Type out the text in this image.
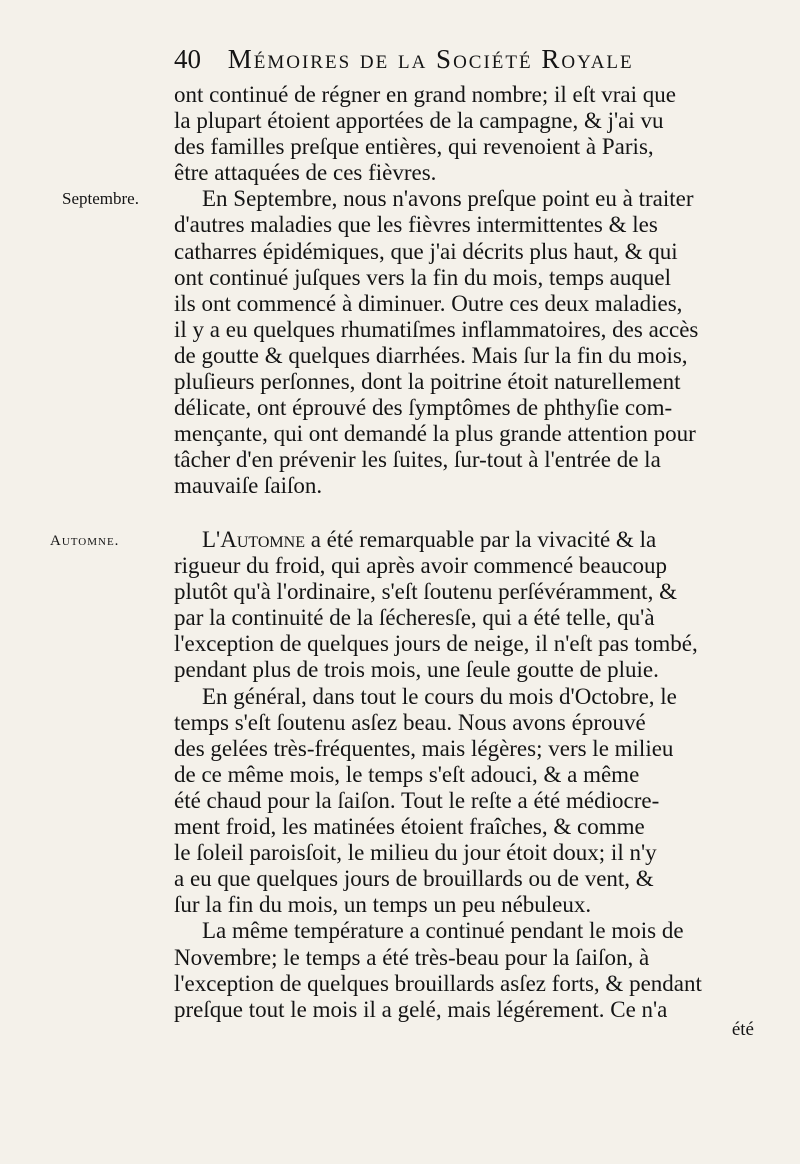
40 Mémoires de la Société Royale
Septembre.
Automne.
ont continué de régner en grand nombre; il eſt vrai que
la plupart étoient apportées de la campagne, & j'ai vu
des familles preſque entières, qui revenoient à Paris,
être attaquées de ces fièvres.
En Septembre, nous n'avons preſque point eu à traiter
d'autres maladies que les fièvres intermittentes & les
catharres épidémiques, que j'ai décrits plus haut, & qui
ont continué juſques vers la fin du mois, temps auquel
ils ont commencé à diminuer. Outre ces deux maladies,
il y a eu quelques rhumatiſmes inflammatoires, des accès
de goutte & quelques diarrhées. Mais ſur la fin du mois,
pluſieurs perſonnes, dont la poitrine étoit naturellement
délicate, ont éprouvé des ſymptômes de phthyſie com-
mençante, qui ont demandé la plus grande attention pour
tâcher d'en prévenir les ſuites, ſur-tout à l'entrée de la
mauvaiſe ſaiſon.
L'Automne a été remarquable par la vivacité & la
rigueur du froid, qui après avoir commencé beaucoup
plutôt qu'à l'ordinaire, s'eſt ſoutenu perſévéramment, &
par la continuité de la ſécheresſe, qui a été telle, qu'à
l'exception de quelques jours de neige, il n'eſt pas tombé,
pendant plus de trois mois, une ſeule goutte de pluie.
En général, dans tout le cours du mois d'Octobre, le
temps s'eſt ſoutenu asſez beau. Nous avons éprouvé
des gelées très-fréquentes, mais légères; vers le milieu
de ce même mois, le temps s'eſt adouci, & a même
été chaud pour la ſaiſon. Tout le reſte a été médiocre-
ment froid, les matinées étoient fraîches, & comme
le ſoleil paroisſoit, le milieu du jour étoit doux; il n'y
a eu que quelques jours de brouillards ou de vent, &
ſur la fin du mois, un temps un peu nébuleux.
La même température a continué pendant le mois de
Novembre; le temps a été très-beau pour la ſaiſon, à
l'exception de quelques brouillards asſez forts, & pendant
preſque tout le mois il a gelé, mais légérement. Ce n'a
été
